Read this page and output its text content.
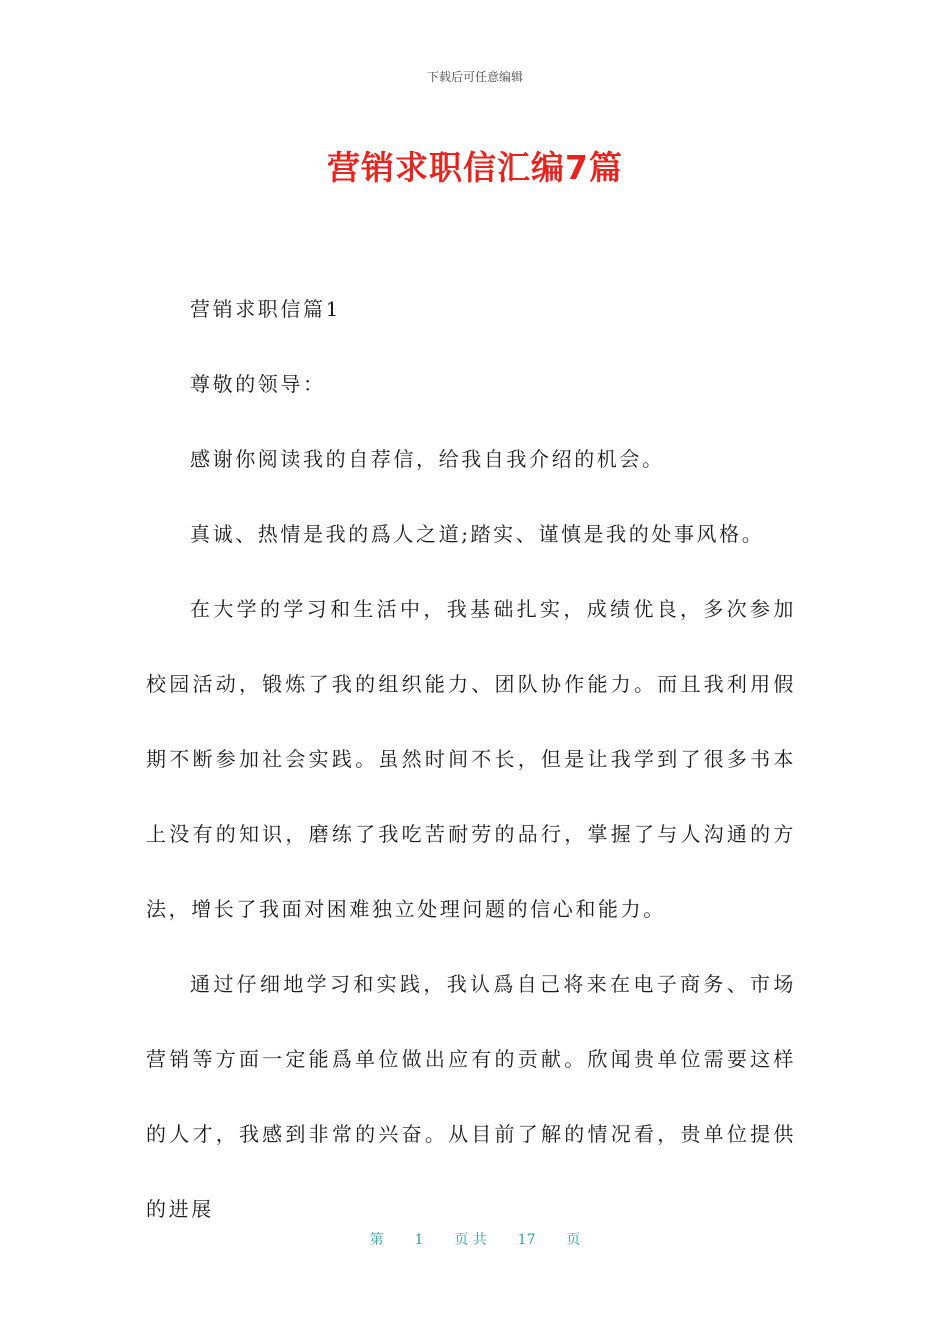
下载后可任意编辑
营销求职信汇编7篇

营销求职信篇1

尊敬的领导：

感谢你阅读我的自荐信，给我自我介绍的机会。

真诚、热情是我的爲人之道;踏实、谨慎是我的处事风格。

在大学的学习和生活中，我基础扎实，成绩优良，多次参加校园活动，锻炼了我的组织能力、团队协作能力。而且我利用假期不断参加社会实践。虽然时间不长，但是让我学到了很多书本上没有的知识，磨练了我吃苦耐劳的品行，掌握了与人沟通的方法，增长了我面对困难独立处理问题的信心和能力。

通过仔细地学习和实践，我认爲自己将来在电子商务、市场营销等方面一定能爲单位做出应有的贡献。欣闻贵单位需要这样的人才，我感到非常的兴奋。从目前了解的情况看，贵单位提供的进展

第 1 页 共 17 页
